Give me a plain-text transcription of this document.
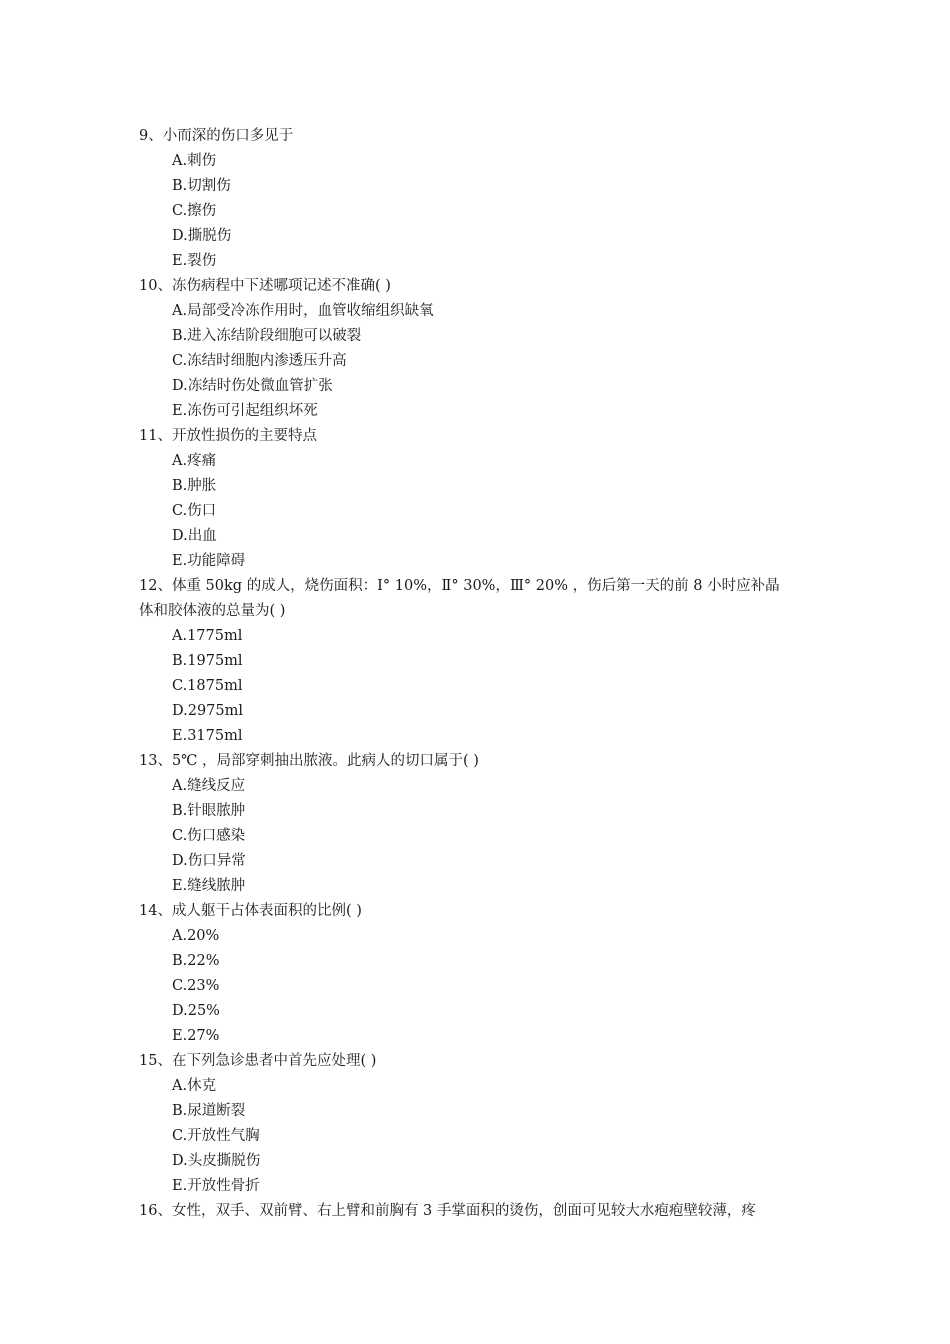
9、小而深的伤口多见于
A.刺伤
B.切割伤
C.擦伤
D.撕脱伤
E.裂伤
10、冻伤病程中下述哪项记述不准确( )
A.局部受冷冻作用时，血管收缩组织缺氧
B.进入冻结阶段细胞可以破裂
C.冻结时细胞内渗透压升高
D.冻结时伤处微血管扩张
E.冻伤可引起组织坏死
11、开放性损伤的主要特点
A.疼痛
B.肿胀
C.伤口
D.出血
E.功能障碍
12、体重 50kg 的成人，烧伤面积：Ⅰ° 10%，Ⅱ° 30%，Ⅲ° 20% ，伤后第一天的前 8 小时应补晶
体和胶体液的总量为( )
A.1775ml
B.1975ml
C.1875ml
D.2975ml
E.3175ml
13、5℃ ，局部穿刺抽出脓液。此病人的切口属于( )
A.缝线反应
B.针眼脓肿
C.伤口感染
D.伤口异常
E.缝线脓肿
14、成人躯干占体表面积的比例( )
A.20%
B.22%
C.23%
D.25%
E.27%
15、在下列急诊患者中首先应处理( )
A.休克
B.尿道断裂
C.开放性气胸
D.头皮撕脱伤
E.开放性骨折
16、女性，双手、双前臂、右上臂和前胸有 3 手掌面积的烫伤，创面可见较大水疱疱壁较薄，疼
